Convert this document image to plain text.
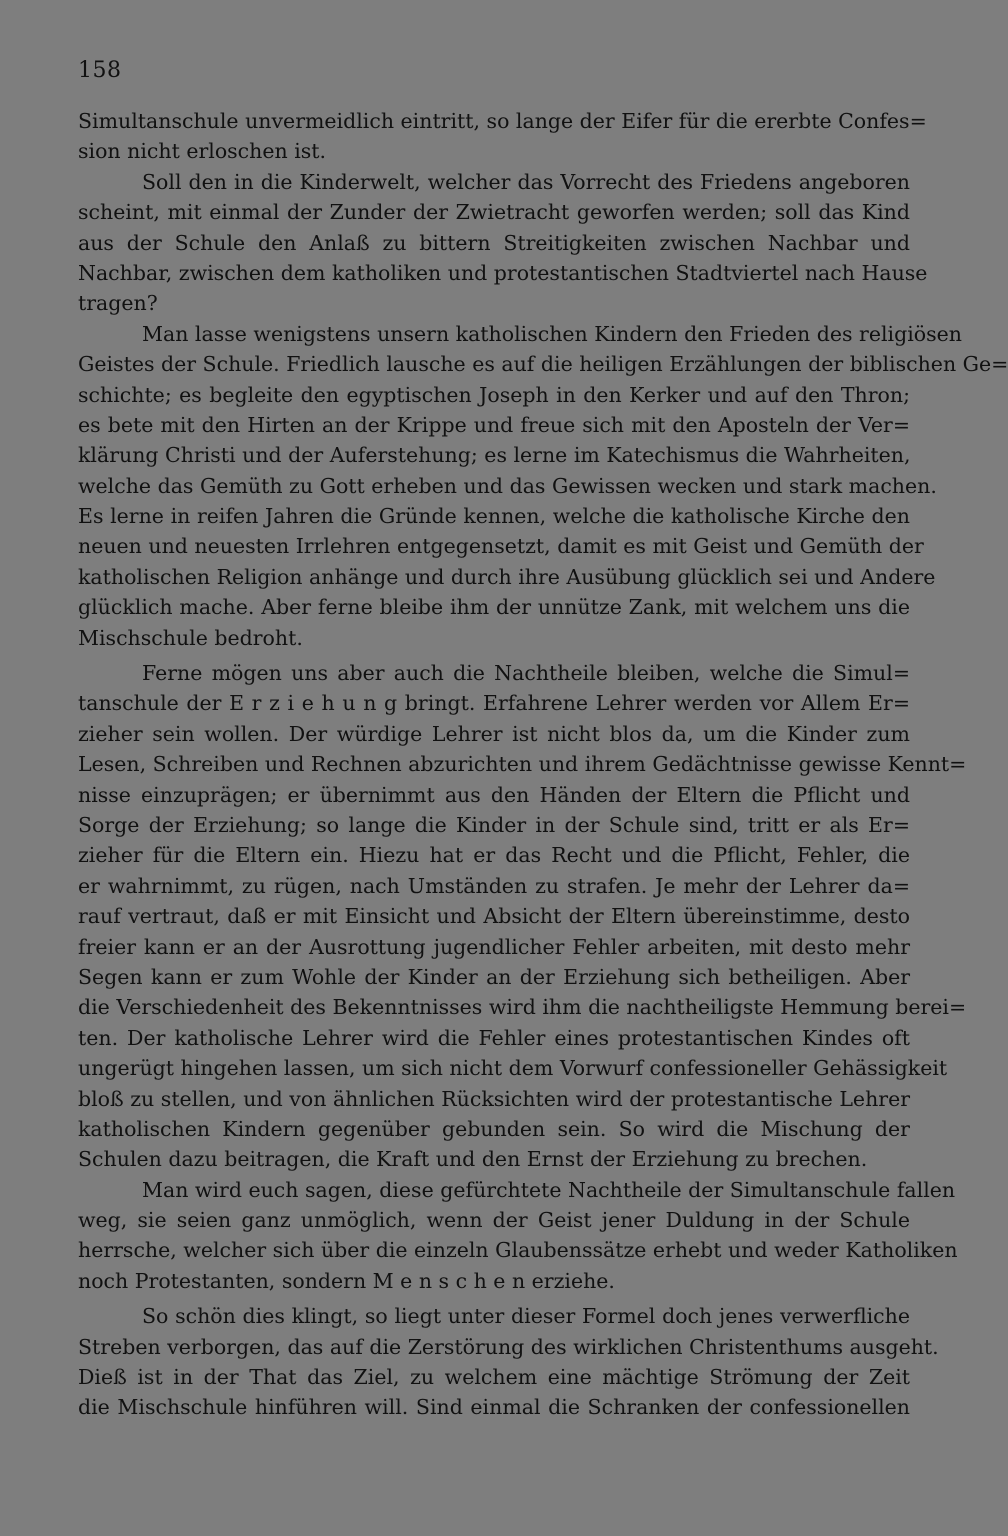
158
Simultanschule unvermeidlich eintritt, so lange der Eifer für die ererbte Confes=
sion nicht erloschen ist.
Soll den in die Kinderwelt, welcher das Vorrecht des Friedens angeboren
scheint, mit einmal der Zunder der Zwietracht geworfen werden; soll das Kind
aus der Schule den Anlaß zu bittern Streitigkeiten zwischen Nachbar und
Nachbar, zwischen dem katholiken und protestantischen Stadtviertel nach Hause
tragen?
Man lasse wenigstens unsern katholischen Kindern den Frieden des religiösen
Geistes der Schule. Friedlich lausche es auf die heiligen Erzählungen der biblischen Ge=
schichte; es begleite den egyptischen Joseph in den Kerker und auf den Thron;
es bete mit den Hirten an der Krippe und freue sich mit den Aposteln der Ver=
klärung Christi und der Auferstehung; es lerne im Katechismus die Wahrheiten,
welche das Gemüth zu Gott erheben und das Gewissen wecken und stark machen.
Es lerne in reifen Jahren die Gründe kennen, welche die katholische Kirche den
neuen und neuesten Irrlehren entgegensetzt, damit es mit Geist und Gemüth der
katholischen Religion anhänge und durch ihre Ausübung glücklich sei und Andere
glücklich mache. Aber ferne bleibe ihm der unnütze Zank, mit welchem uns die
Mischschule bedroht.
Ferne mögen uns aber auch die Nachtheile bleiben, welche die Simul=
tanschule der E r z i e h u n g bringt. Erfahrene Lehrer werden vor Allem Er=
zieher sein wollen. Der würdige Lehrer ist nicht blos da, um die Kinder zum
Lesen, Schreiben und Rechnen abzurichten und ihrem Gedächtnisse gewisse Kennt=
nisse einzuprägen; er übernimmt aus den Händen der Eltern die Pflicht und
Sorge der Erziehung; so lange die Kinder in der Schule sind, tritt er als Er=
zieher für die Eltern ein. Hiezu hat er das Recht und die Pflicht, Fehler, die
er wahrnimmt, zu rügen, nach Umständen zu strafen. Je mehr der Lehrer da=
rauf vertraut, daß er mit Einsicht und Absicht der Eltern übereinstimme, desto
freier kann er an der Ausrottung jugendlicher Fehler arbeiten, mit desto mehr
Segen kann er zum Wohle der Kinder an der Erziehung sich betheiligen. Aber
die Verschiedenheit des Bekenntnisses wird ihm die nachtheiligste Hemmung berei=
ten. Der katholische Lehrer wird die Fehler eines protestantischen Kindes oft
ungerügt hingehen lassen, um sich nicht dem Vorwurf confessioneller Gehässigkeit
bloß zu stellen, und von ähnlichen Rücksichten wird der protestantische Lehrer
katholischen Kindern gegenüber gebunden sein. So wird die Mischung der
Schulen dazu beitragen, die Kraft und den Ernst der Erziehung zu brechen.
Man wird euch sagen, diese gefürchtete Nachtheile der Simultanschule fallen
weg, sie seien ganz unmöglich, wenn der Geist jener Duldung in der Schule
herrsche, welcher sich über die einzeln Glaubenssätze erhebt und weder Katholiken
noch Protestanten, sondern M e n s c h e n erziehe.
So schön dies klingt, so liegt unter dieser Formel doch jenes verwerfliche
Streben verborgen, das auf die Zerstörung des wirklichen Christenthums ausgeht.
Dieß ist in der That das Ziel, zu welchem eine mächtige Strömung der Zeit
die Mischschule hinführen will. Sind einmal die Schranken der confessionellen
